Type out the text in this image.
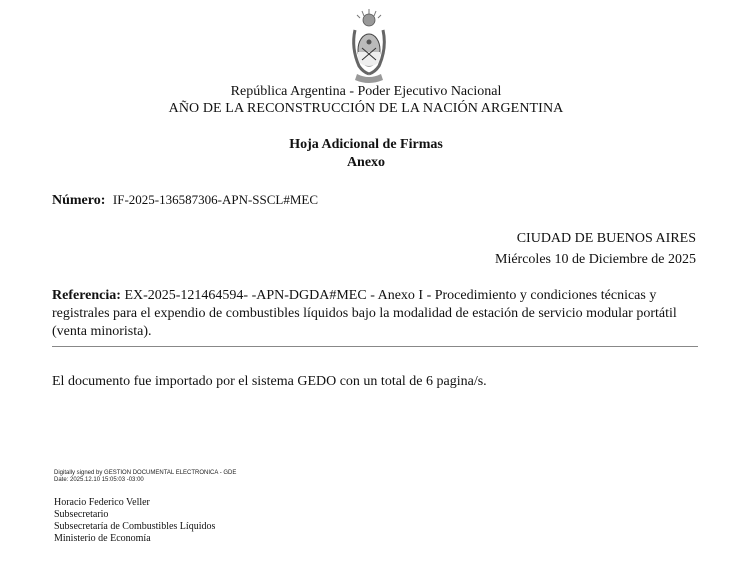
República Argentina - Poder Ejecutivo Nacional
AÑO DE LA RECONSTRUCCIÓN DE LA NACIÓN ARGENTINA
Hoja Adicional de Firmas
Anexo
Número: IF-2025-136587306-APN-SSCL#MEC
CIUDAD DE BUENOS AIRES
Miércoles 10 de Diciembre de 2025
Referencia: EX-2025-121464594- -APN-DGDA#MEC - Anexo I - Procedimiento y condiciones técnicas y registrales para el expendio de combustibles líquidos bajo la modalidad de estación de servicio modular portátil (venta minorista).
El documento fue importado por el sistema GEDO con un total de 6 pagina/s.
Digitally signed by GESTION DOCUMENTAL ELECTRONICA - GDE
Date: 2025.12.10 15:05:03 -03:00
Horacio Federico Veller
Subsecretario
Subsecretaría de Combustibles Líquidos
Ministerio de Economía
